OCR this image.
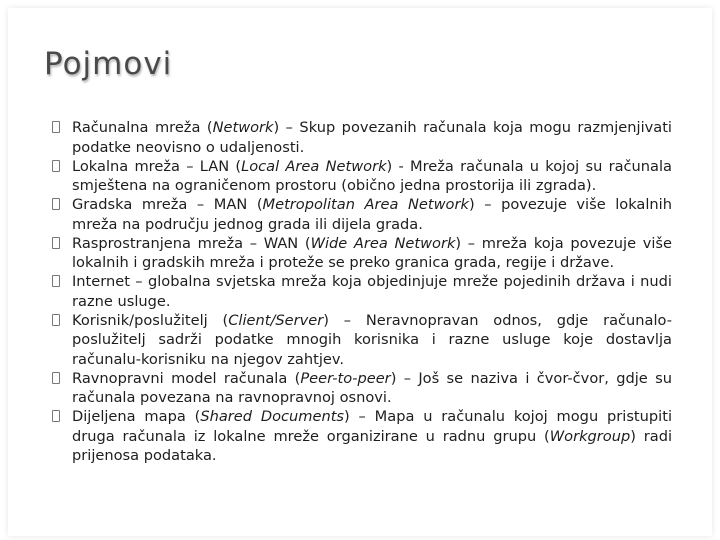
Pojmovi
Računalna mreža (Network) – Skup povezanih računala koja mogu razmjenjivati podatke neovisno o udaljenosti.
Lokalna mreža – LAN (Local Area Network) - Mreža računala u kojoj su računala smještena na ograničenom prostoru (obično jedna prostorija ili zgrada).
Gradska mreža – MAN (Metropolitan Area Network) – povezuje više lokalnih mreža na području jednog grada ili dijela grada.
Rasprostranjena mreža – WAN (Wide Area Network) – mreža koja povezuje više lokalnih i gradskih mreža i proteže se preko granica grada, regije i države.
Internet – globalna svjetska mreža koja objedinjuje mreže pojedinih država i nudi razne usluge.
Korisnik/poslužitelj (Client/Server) – Neravnopravan odnos, gdje računalo-poslužitelj sadrži podatke mnogih korisnika i razne usluge koje dostavlja računalu-korisniku na njegov zahtjev.
Ravnopravni model računala (Peer-to-peer) – Još se naziva i čvor-čvor, gdje su računala povezana na ravnopravnoj osnovi.
Dijeljena mapa (Shared Documents) – Mapa u računalu kojoj mogu pristupiti druga računala iz lokalne mreže organizirane u radnu grupu (Workgroup) radi prijenosa podataka.
